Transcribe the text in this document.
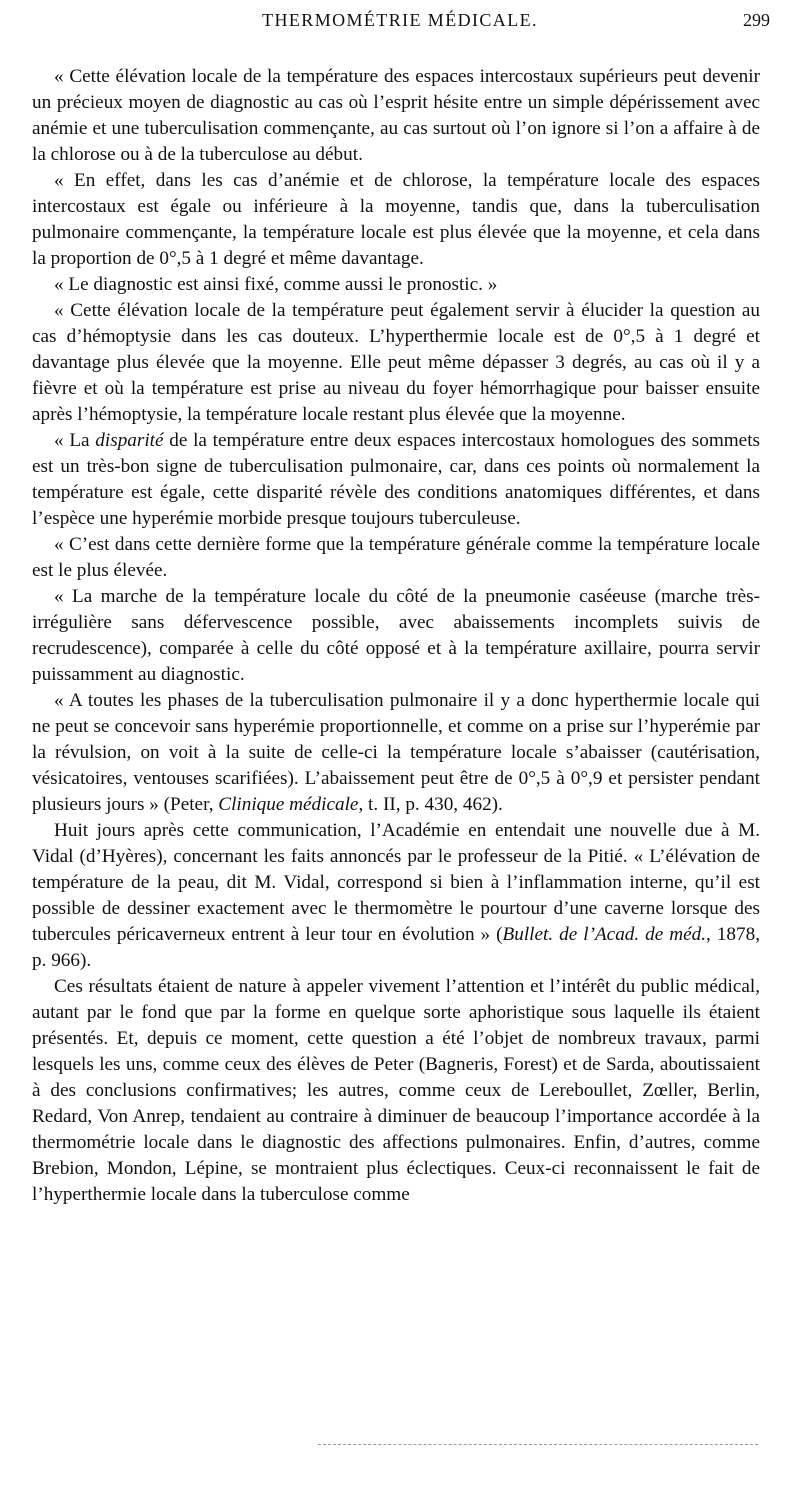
THERMOMÉTRIE MÉDICALE.	299

« Cette élévation locale de la température des espaces intercostaux supérieurs peut devenir un précieux moyen de diagnostic au cas où l’esprit hésite entre un simple dépérissement avec anémie et une tuberculisation commençante, au cas surtout où l’on ignore si l’on a affaire à de la chlorose ou à de la tuberculose au début.

« En effet, dans les cas d’anémie et de chlorose, la température locale des espaces intercostaux est égale ou inférieure à la moyenne, tandis que, dans la tuberculisation pulmonaire commençante, la température locale est plus élevée que la moyenne, et cela dans la proportion de 0°,5 à 1 degré et même davantage.

« Le diagnostic est ainsi fixé, comme aussi le pronostic. »

« Cette élévation locale de la température peut également servir à élucider la question au cas d’hémoptysie dans les cas douteux. L’hyperthermie locale est de 0°,5 à 1 degré et davantage plus élevée que la moyenne. Elle peut même dépasser 3 degrés, au cas où il y a fièvre et où la température est prise au niveau du foyer hémorrhagique pour baisser ensuite après l’hémoptysie, la température locale restant plus élevée que la moyenne.

« La disparité de la température entre deux espaces intercostaux homologues des sommets est un très-bon signe de tuberculisation pulmonaire, car, dans ces points où normalement la température est égale, cette disparité révèle des conditions anatomiques différentes, et dans l’espèce une hyperémie morbide presque toujours tuberculeuse.

« C’est dans cette dernière forme que la température générale comme la température locale est le plus élevée.

« La marche de la température locale du côté de la pneumonie caséeuse (marche très-irrégulière sans défervescence possible, avec abaissements incomplets suivis de recrudescence), comparée à celle du côté opposé et à la température axillaire, pourra servir puissamment au diagnostic.

« A toutes les phases de la tuberculisation pulmonaire il y a donc hyperthermie locale qui ne peut se concevoir sans hyperémie proportionnelle, et comme on a prise sur l’hyperémie par la révulsion, on voit à la suite de celle-ci la température locale s’abaisser (cautérisation, vésicatoires, ventouses scarifiées). L’abaissement peut être de 0°,5 à 0°,9 et persister pendant plusieurs jours » (Peter, Clinique médicale, t. II, p. 430, 462).

Huit jours après cette communication, l’Académie en entendait une nouvelle due à M. Vidal (d’Hyères), concernant les faits annoncés par le professeur de la Pitié. « L’élévation de température de la peau, dit M. Vidal, correspond si bien à l’inflammation interne, qu’il est possible de dessiner exactement avec le thermomètre le pourtour d’une caverne lorsque des tubercules péricaverneux entrent à leur tour en évolution » (Bullet. de l’Acad. de méd., 1878, p. 966).

Ces résultats étaient de nature à appeler vivement l’attention et l’intérêt du public médical, autant par le fond que par la forme en quelque sorte aphoristique sous laquelle ils étaient présentés. Et, depuis ce moment, cette question a été l’objet de nombreux travaux, parmi lesquels les uns, comme ceux des élèves de Peter (Bagneris, Forest) et de Sarda, aboutissaient à des conclusions confirmatives; les autres, comme ceux de Lereboullet, Zœller, Berlin, Redard, Von Anrep, tendaient au contraire à diminuer de beaucoup l’importance accordée à la thermométrie locale dans le diagnostic des affections pulmonaires. Enfin, d’autres, comme Brebion, Mondon, Lépine, se montraient plus éclectiques. Ceux-ci reconnaissent le fait de l’hyperthermie locale dans la tuberculose comme
